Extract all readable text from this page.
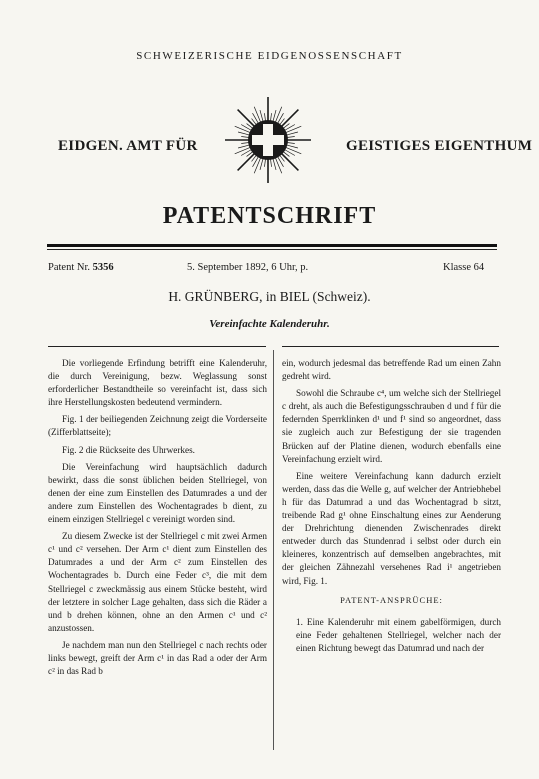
SCHWEIZERISCHE EIDGENOSSENSCHAFT
EIDGEN. AMT FÜR	GEISTIGES EIGENTHUM
PATENTSCHRIFT
Patent Nr. 5356	5. September 1892, 6 Uhr, p.	Klasse 64
H. GRÜNBERG, in BIEL (Schweiz).
Vereinfachte Kalenderuhr.

Die vorliegende Erfindung betrifft eine Kalenderuhr, die durch Vereinigung, bezw. Weglassung sonst erforderlicher Bestandtheile so vereinfacht ist, dass sich ihre Herstellungskosten bedeutend vermindern.

Fig. 1 der beiliegenden Zeichnung zeigt die Vorderseite (Zifferblattseite);

Fig. 2 die Rückseite des Uhrwerkes.

Die Vereinfachung wird hauptsächlich dadurch bewirkt, dass die sonst üblichen beiden Stellriegel, von denen der eine zum Einstellen des Datumrades a und der andere zum Einstellen des Wochentagrades b dient, zu einem einzigen Stellriegel c vereinigt worden sind.

Zu diesem Zwecke ist der Stellriegel c mit zwei Armen c¹ und c² versehen. Der Arm c¹ dient zum Einstellen des Datumrades a und der Arm c² zum Einstellen des Wochentagrades b. Durch eine Feder c³, die mit dem Stellriegel c zweckmässig aus einem Stücke besteht, wird der letztere in solcher Lage gehalten, dass sich die Räder a und b drehen können, ohne an den Armen c¹ und c² anzustossen.

Je nachdem man nun den Stellriegel c nach rechts oder links bewegt, greift der Arm c¹ in das Rad a oder der Arm c² in das Rad b

ein, wodurch jedesmal das betreffende Rad um einen Zahn gedreht wird.

Sowohl die Schraube c⁴, um welche sich der Stellriegel c dreht, als auch die Befestigungsschrauben d und f für die federnden Sperrklinken d¹ und f¹ sind so angeordnet, dass sie zugleich auch zur Befestigung der sie tragenden Brücken auf der Platine dienen, wodurch ebenfalls eine Vereinfachung erzielt wird.

Eine weitere Vereinfachung kann dadurch erzielt werden, dass das die Welle g, auf welcher der Antriebhebel h für das Datumrad a und das Wochentagrad b sitzt, treibende Rad g¹ ohne Einschaltung eines zur Aenderung der Drehrichtung dienenden Zwischenrades direkt entweder durch das Stundenrad i selbst oder durch ein kleineres, konzentrisch auf demselben angebrachtes, mit der gleichen Zähnezahl versehenes Rad i¹ angetrieben wird, Fig. 1.

PATENT-ANSPRÜCHE:

1. Eine Kalenderuhr mit einem gabelförmigen, durch eine Feder gehaltenen Stellriegel, welcher nach der einen Richtung bewegt das Datumrad und nach der
